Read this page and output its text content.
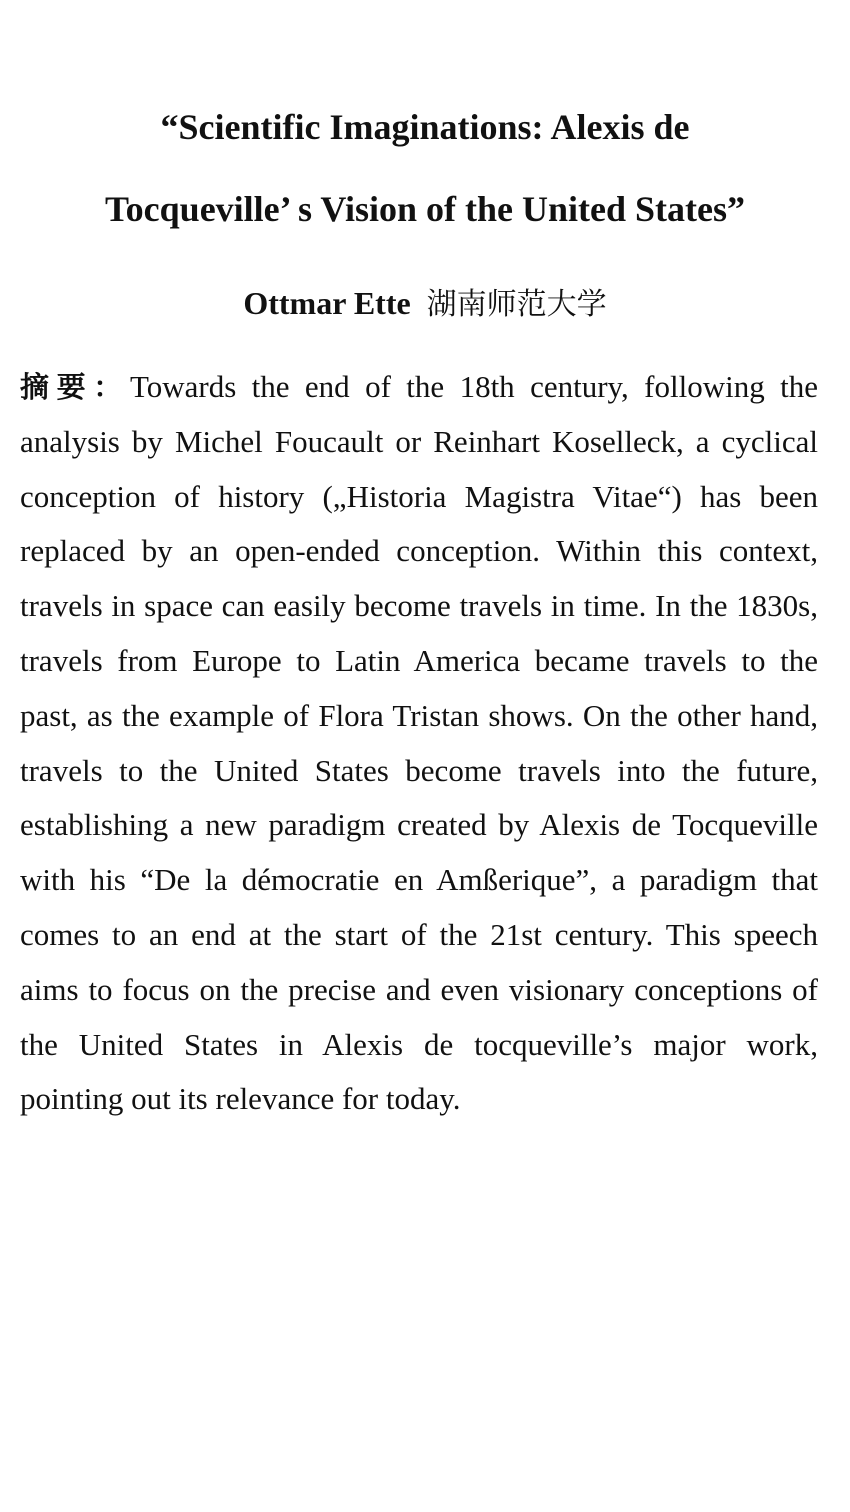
“Scientific Imaginations: Alexis de
Tocqueville’ s Vision of the United States”
Ottmar Ette 湖南师范大学

摘要：Towards the end of the 18th century, following the analysis by Michel Foucault or Reinhart Koselleck, a cyclical conception of history („Historia Magistra Vitae“) has been replaced by an open-ended conception. Within this context, travels in space can easily become travels in time. In the 1830s, travels from Europe to Latin America became travels to the past, as the example of Flora Tristan shows. On the other hand, travels to the United States become travels into the future, establishing a new paradigm created by Alexis de Tocqueville with his “De la démocratie en Amßerique”, a paradigm that comes to an end at the start of the 21st century. This speech aims to focus on the precise and even visionary conceptions of the United States in Alexis de tocqueville’s major work, pointing out its relevance for today.
